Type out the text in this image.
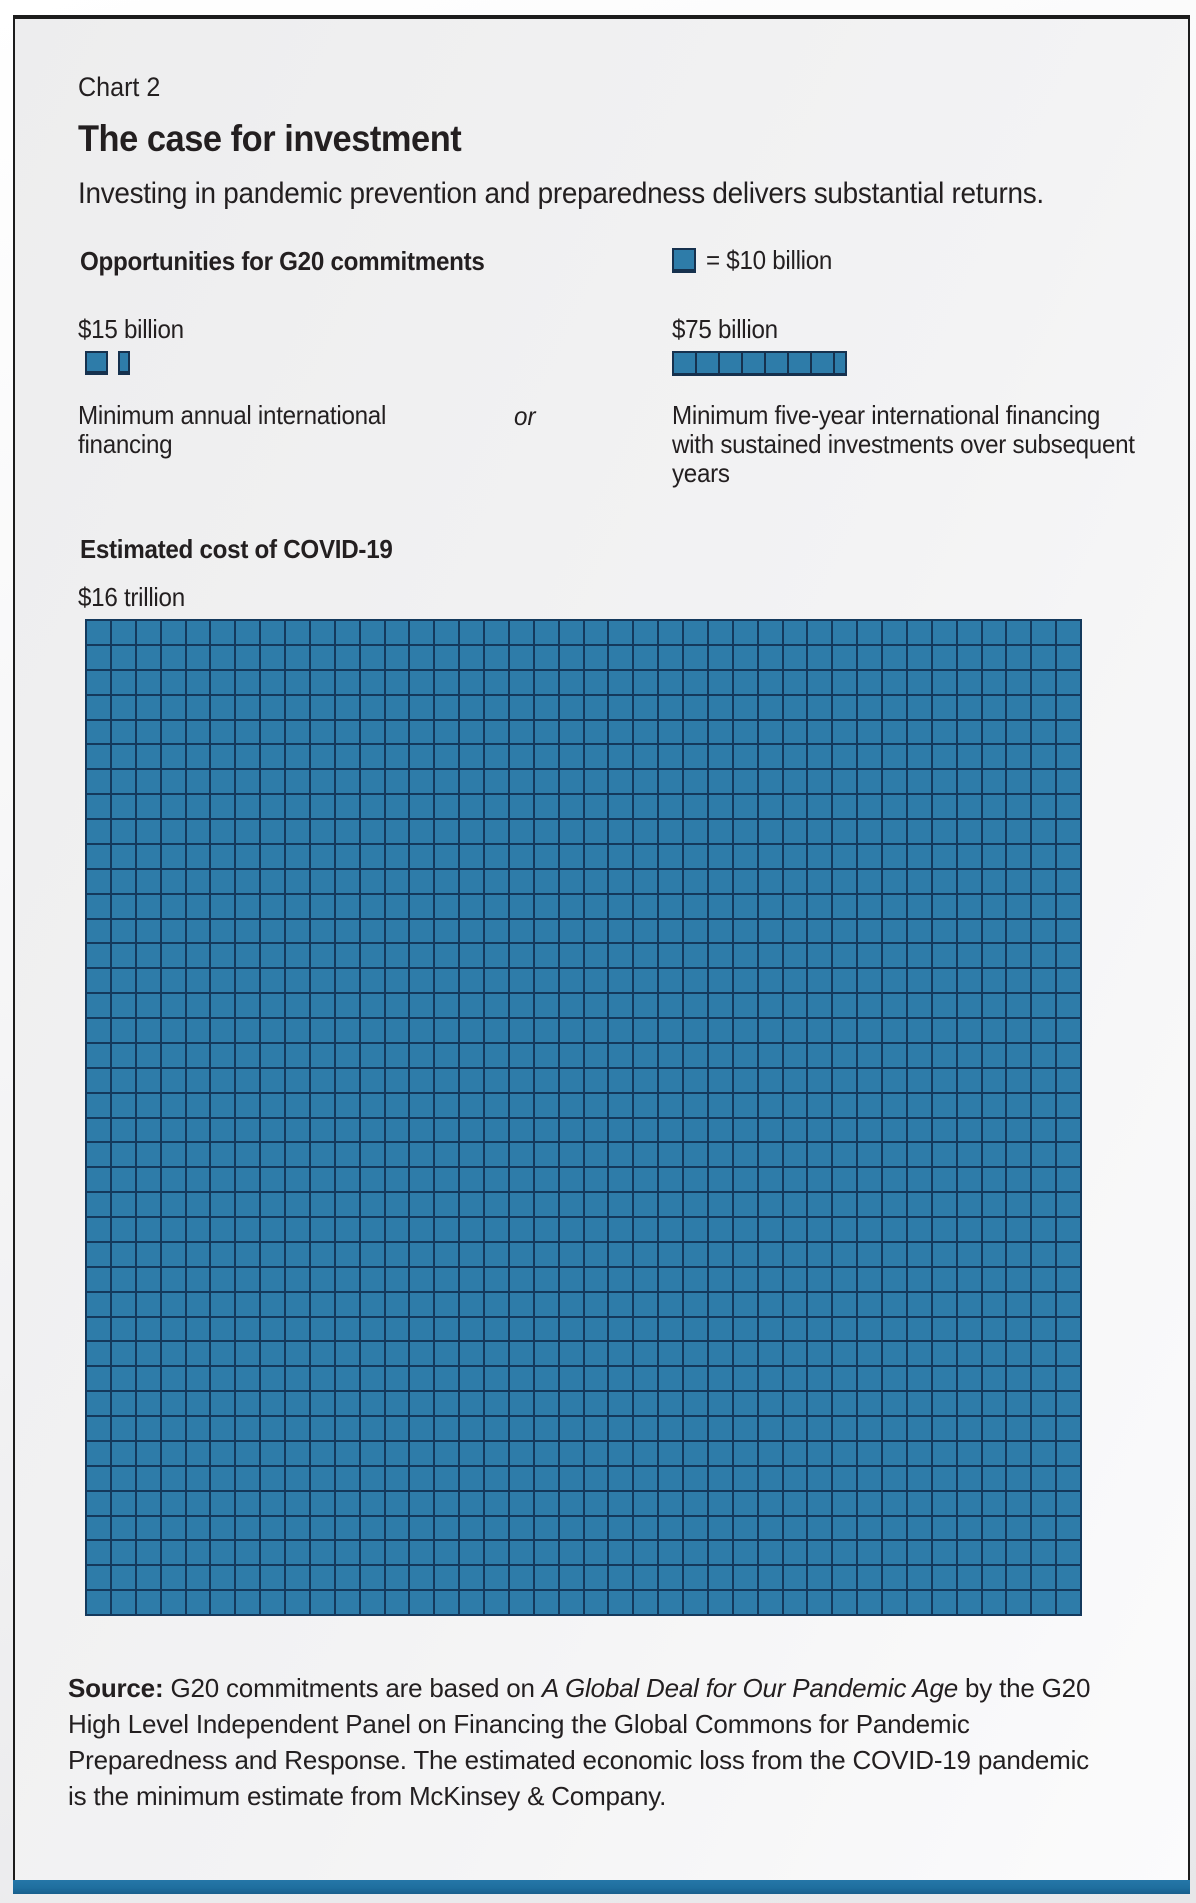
Chart 2
The case for investment
Investing in pandemic prevention and preparedness delivers substantial returns.
Opportunities for G20 commitments	= $10 billion
$15 billion	$75 billion
Minimum annual international financing
or	Minimum five-year international financing with sustained investments over subsequent years
Estimated cost of COVID-19
$16 trillion
Source: G20 commitments are based on A Global Deal for Our Pandemic Age by the G20 High Level Independent Panel on Financing the Global Commons for Pandemic Preparedness and Response. The estimated economic loss from the COVID-19 pandemic is the minimum estimate from McKinsey & Company.
